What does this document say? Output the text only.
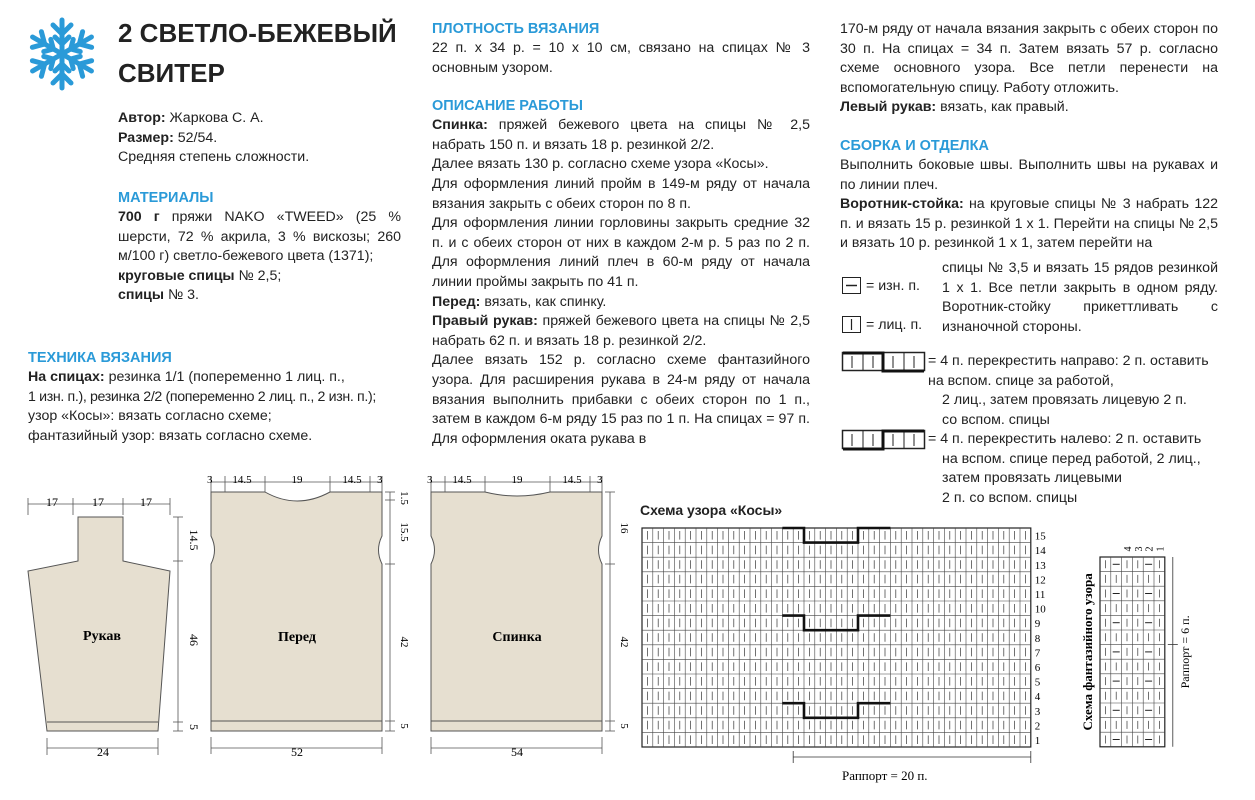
2 СВЕТЛО-БЕЖЕВЫЙ
СВИТЕР
Автор: Жаркова С. А.
Размер: 52/54.
Средняя степень сложности.
МАТЕРИАЛЫ
700 г пряжи NAKO «TWEED» (25 % шерсти, 72 % акрила, 3 % вискозы; 260 м/100 г) светло-бежевого цвета (1371);
круговые спицы № 2,5;
спицы № 3.
ТЕХНИКА ВЯЗАНИЯ
На спицах: резинка 1/1 (попеременно 1 лиц. п.,
1 изн. п.), резинка 2/2 (попеременно 2 лиц. п., 2 изн. п.);
узор «Косы»: вязать согласно схеме;
фантазийный узор: вязать согласно схеме.
ПЛОТНОСТЬ ВЯЗАНИЯ
22 п. х 34 р. = 10 х 10 см, связано на спицах № 3 основным узором.
ОПИСАНИЕ РАБОТЫ
Спинка: пряжей бежевого цвета на спицы № 2,5 набрать 150 п. и вязать 18 р. резинкой 2/2.
Далее вязать 130 р. согласно схеме узора «Косы».
Для оформления линий пройм в 149-м ряду от начала вязания закрыть с обеих сторон по 8 п.
Для оформления линии горловины закрыть средние 32 п. и с обеих сторон от них в каждом 2-м р. 5 раз по 2 п. Для оформления линий плеч в 60-м ряду от начала линии проймы закрыть по 41 п.
Перед: вязать, как спинку.
Правый рукав: пряжей бежевого цвета на спицы № 2,5 набрать 62 п. и вязать 18 р. резинкой 2/2.
Далее вязать 152 р. согласно схеме фантазийного узора. Для расширения рукава в 24-м ряду от начала вязания выполнить прибавки с обеих сторон по 1 п., затем в каждом 6-м ряду 15 раз по 1 п. На спицах = 97 п. Для оформления оката рукава в
170-м ряду от начала вязания закрыть с обеих сторон по 30 п. На спицах = 34 п. Затем вязать 57 р. согласно схеме основного узора. Все петли перенести на вспомогательную спицу. Работу отложить.
Левый рукав: вязать, как правый.
СБОРКА И ОТДЕЛКА
Выполнить боковые швы. Выполнить швы на рукавах и по линии плеч.
Воротник-стойка: на круговые спицы № 3 набрать 122 п. и вязать 15 р. резинкой 1 х 1. Перейти на спицы № 2,5 и вязать 10 р. резинкой 1 х 1, затем перейти на
спицы № 3,5 и вязать 15 рядов резинкой 1 х 1. Все петли закрыть в одном ряду. Воротник-стойку прикеттливать с изнаночной стороны.
= изн. п.
= лиц. п.
= 4 п. перекрестить направо: 2 п. оставить на вспом. спице за работой,
2 лиц., затем провязать лицевую 2 п.
со вспом. спицы
= 4 п. перекрестить налево: 2 п. оставить
на вспом. спице перед работой, 2 лиц.,
затем провязать лицевыми
2 п. со вспом. спицы
17	17	17
Рукав
14.5
46
5
24
3 14.5	19	14.5 3
Перед
1.5
15.5
42
5
52
3 14.5	19	14.5 3
Спинка
16
42
5
54
Схема узора «Косы»
15
14
13
12
11
10
9
8
7
6
5
4
3
2
1
Раппорт = 20 п.
Схема фантазийного узора
4 3 2 1
Раппорт = 6 п.
